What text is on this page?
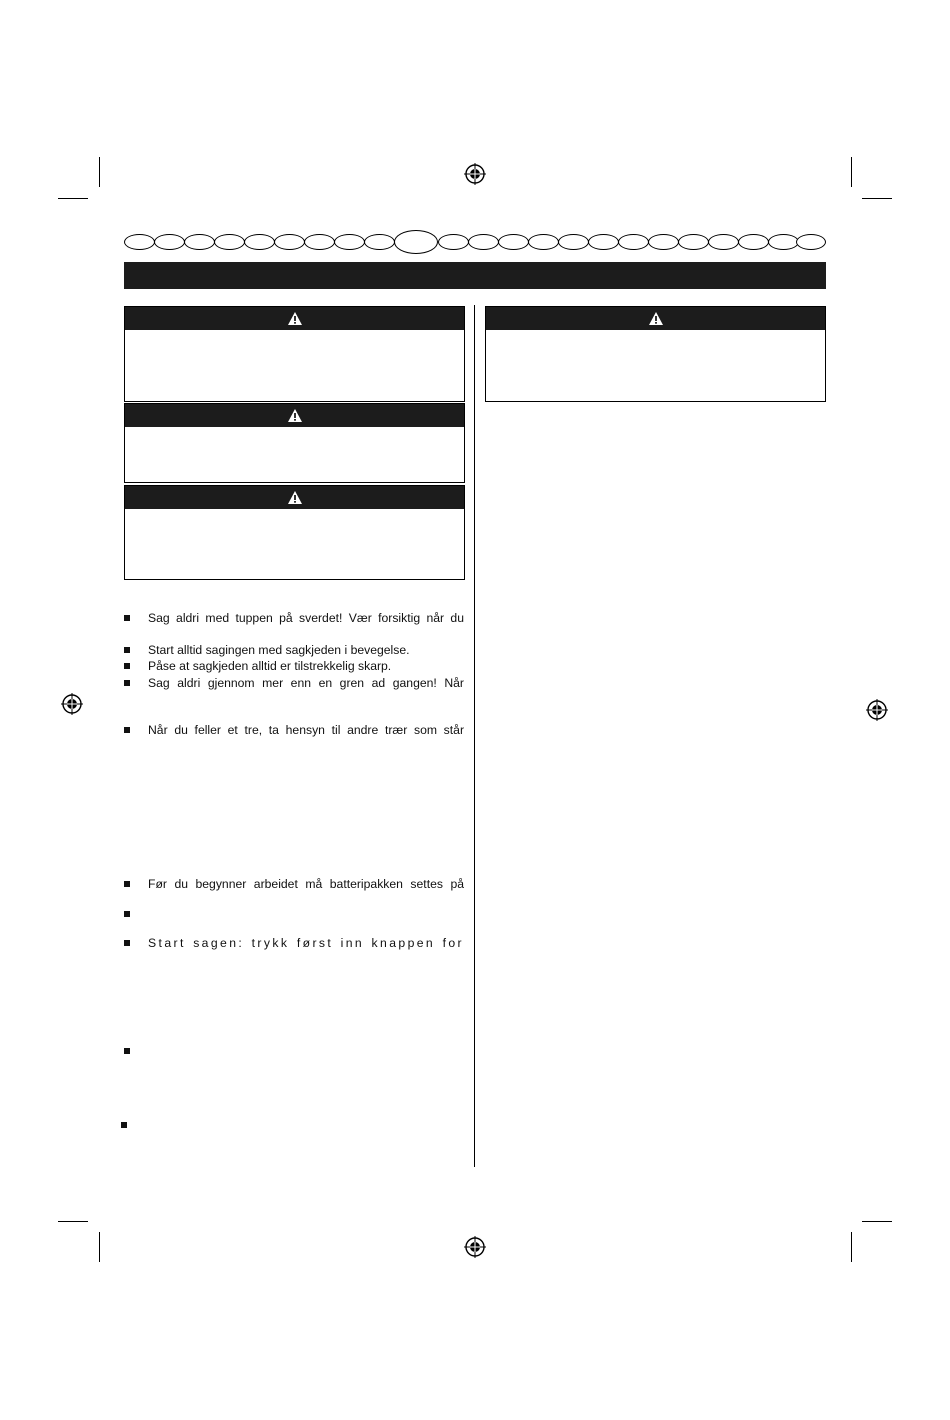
Sag aldri med tuppen på sverdet! Vær forsiktig når du
Start alltid sagingen med sagkjeden i bevegelse.
Påse at sagkjeden alltid er tilstrekkelig skarp.
Sag aldri gjennom mer enn en gren ad gangen! Når
Når du feller et tre, ta hensyn til andre trær som står
Før du begynner arbeidet må batteripakken settes på
Start sagen: trykk først inn knappen for
